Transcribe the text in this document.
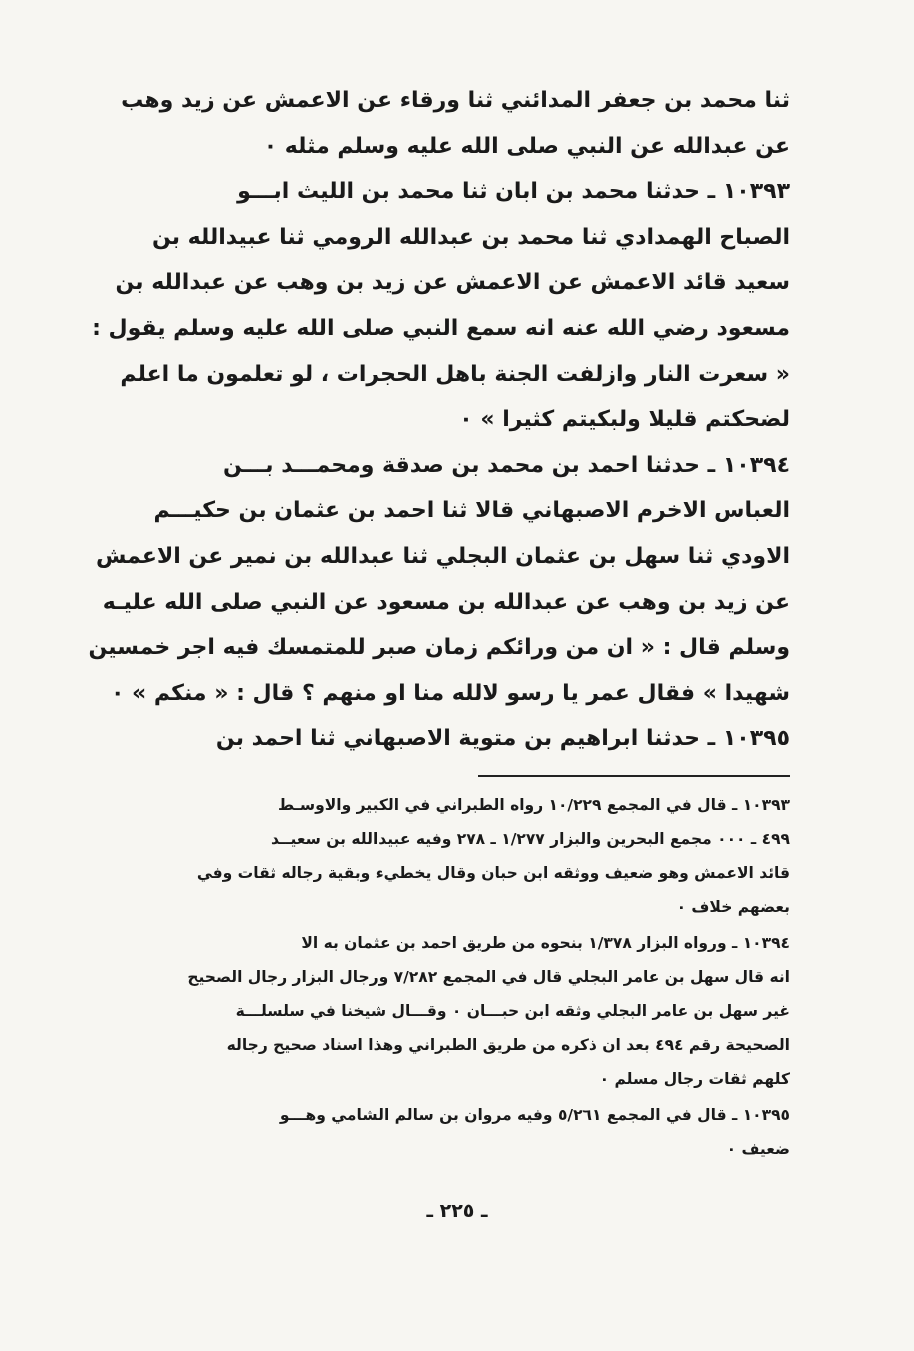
ثنا محمد بن جعفر المدائني ثنا ورقاء عن الاعمش عن زيد وهب
عن عبدالله عن النبي صلى الله عليه وسلم مثله ٠
١٠٣٩٣ ـ حدثنا محمد بن ابان ثنا محمد بن الليث ابـــو
الصباح الهمدادي ثنا محمد بن عبدالله الرومي ثنا عبيدالله بن
سعيد قائد الاعمش عن الاعمش عن زيد بن وهب عن عبدالله بن
مسعود رضي الله عنه انه سمع النبي صلى الله عليه وسلم يقول :
« سعرت النار وازلفت الجنة باهل الحجرات ، لو تعلمون ما اعلم
لضحكتم قليلا ولبكيتم كثيرا » ٠
١٠٣٩٤ ـ حدثنا احمد بن محمد بن صدقة ومحمـــد بـــن
العباس الاخرم الاصبهاني قالا ثنا احمد بن عثمان بن حكيـــم
الاودي ثنا سهل بن عثمان البجلي ثنا عبدالله بن نمير عن الاعمش
عن زيد بن وهب عن عبدالله بن مسعود عن النبي صلى الله عليـه
وسلم قال : « ان من ورائكم زمان صبر للمتمسك فيه اجر خمسين
شهيدا » فقال عمر يا رسو لالله منا او منهم ؟ قال : « منكم » ٠
١٠٣٩٥ ـ حدثنا ابراهيم بن متوية الاصبهاني ثنا احمد بن
١٠٣٩٣ ـ قال في المجمع ١٠/٢٢٩ رواه الطبراني في الكبير والاوسـط
٤٩٩ ـ ٠٠٠ مجمع البحرين والبزار ١/٢٧٧ ـ ٢٧٨ وفيه عبيدالله بن سعيــد
قائد الاعمش وهو ضعيف ووثقه ابن حبان وقال يخطيء وبقية رجاله ثقات وفي
بعضهم خلاف ٠
١٠٣٩٤ ـ ورواه البزار ١/٣٧٨ بنحوه من طريق احمد بن عثمان به الا
انه قال سهل بن عامر البجلي قال في المجمع ٧/٢٨٢ ورجال البزار رجال الصحيح
غير سهل بن عامر البجلي وثقه ابن حبـــان ٠ وقـــال شيخنا في سلسلـــة
الصحيحة رقم ٤٩٤ بعد ان ذكره من طريق الطبراني وهذا اسناد صحيح رجاله
كلهم ثقات رجال مسلم ٠
١٠٣٩٥ ـ قال في المجمع ٥/٢٦١ وفيه مروان بن سالم الشامي وهـــو
ضعيف ٠
ـ ٢٢٥ ـ
